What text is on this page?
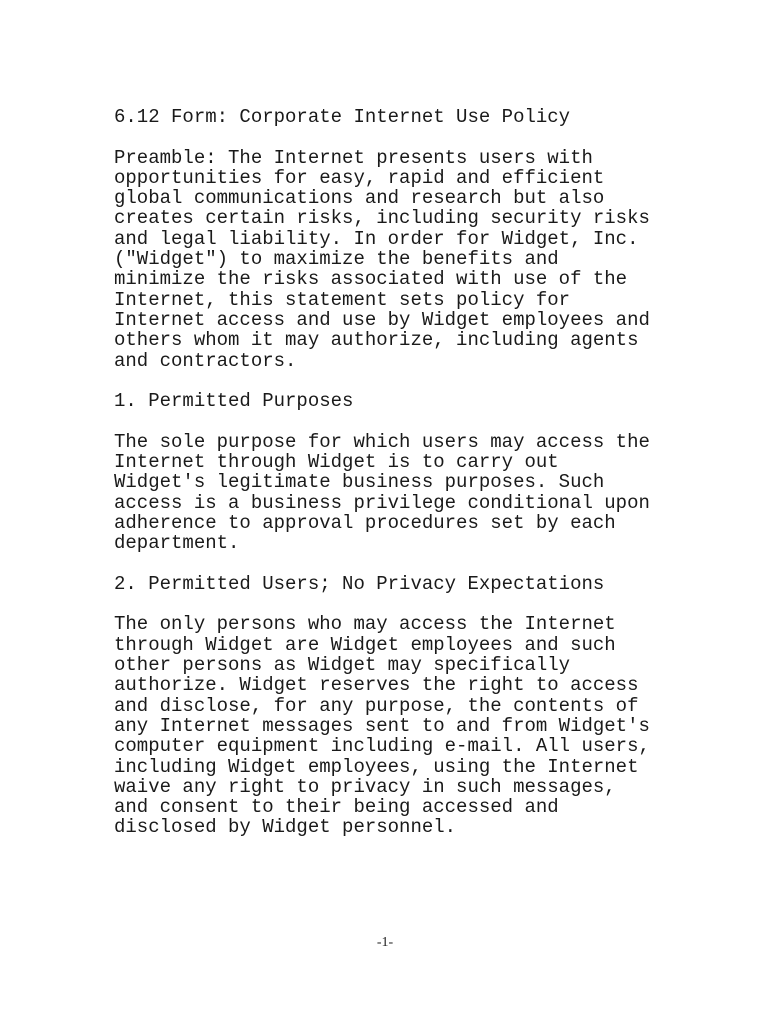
6.12 Form: Corporate Internet Use Policy
Preamble: The Internet presents users with
opportunities for easy, rapid and efficient
global communications and research but also
creates certain risks, including security risks
and legal liability. In order for Widget, Inc.
("Widget") to maximize the benefits and
minimize the risks associated with use of the
Internet, this statement sets policy for
Internet access and use by Widget employees and
others whom it may authorize, including agents
and contractors.
1. Permitted Purposes
The sole purpose for which users may access the
Internet through Widget is to carry out
Widget's legitimate business purposes. Such
access is a business privilege conditional upon
adherence to approval procedures set by each
department.
2. Permitted Users; No Privacy Expectations
The only persons who may access the Internet
through Widget are Widget employees and such
other persons as Widget may specifically
authorize. Widget reserves the right to access
and disclose, for any purpose, the contents of
any Internet messages sent to and from Widget's
computer equipment including e-mail. All users,
including Widget employees, using the Internet
waive any right to privacy in such messages,
and consent to their being accessed and
disclosed by Widget personnel.
-1-
